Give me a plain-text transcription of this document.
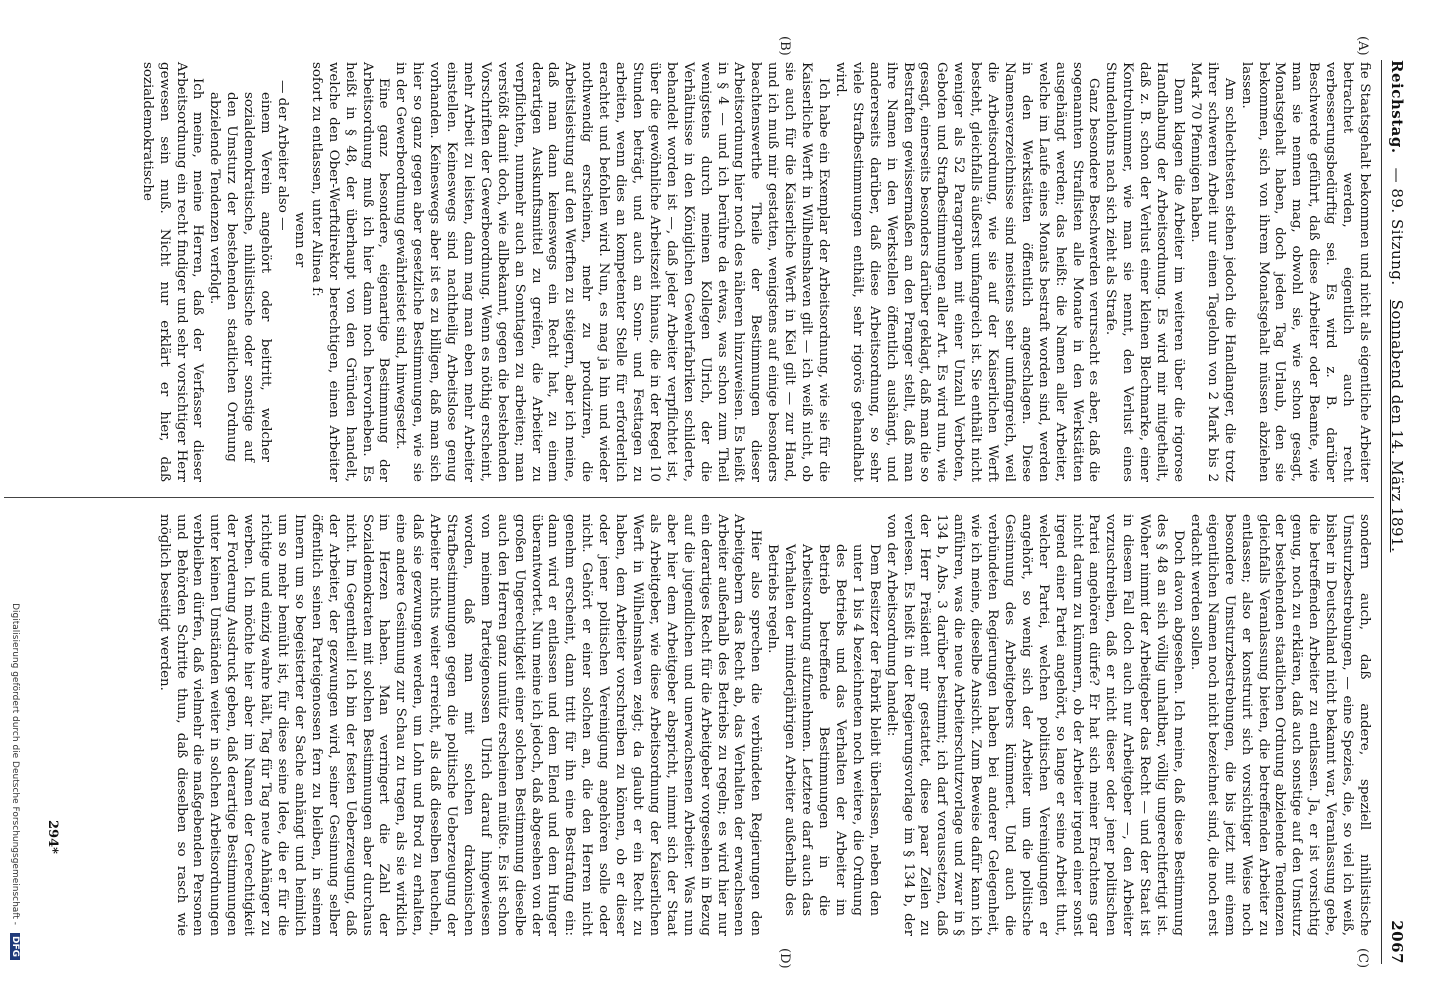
Reichstag.
— 89. Sitzung.
Sonnabend den 14. März 1891.
2067
(A)
(B)
(C)
(D)

fie Staatsgehalt bekommen und nicht als eigentliche Arbeiter betrachtet werden, eigentlich auch recht verbesserungsbedürftig sei. Es wird z. B. darüber Beschwerde geführt, daß diese Arbeiter oder Beamte, wie man sie nennen mag, obwohl sie, wie schon gesagt, Monatsgehalt haben, doch jeden Tag Urlaub, den sie bekommen, sich von ihrem Monatsgehalt müssen abziehen lassen.

Am schlechtesten stehen jedoch die Handlanger, die trotz ihrer schweren Arbeit nur einen Tagelohn von 2 Mark bis 2 Mark 70 Pfennigen haben.

Dann klagen die Arbeiter im weiteren über die rigorose Handhabung der Arbeitsordnung. Es wird mir mitgetheilt, daß z. B. schon der Verlust einer kleinen Blechmarke, einer Kontrolnummer, wie man sie nennt, den Verlust eines Stundenlohns nach sich zieht als Strafe.

Ganz besondere Beschwerden verursacht es aber, daß die sogenannten Straflisten alle Monate in den Werkstätten ausgehängt werden; das heißt: die Namen aller Arbeiter, welche im Laufe eines Monats bestraft worden sind, werden in den Werkstätten öffentlich angeschlagen. Diese Namensverzeichnisse sind meistens sehr umfangreich, weil die Arbeitsordnung, wie sie auf der Kaiserlichen Werft besteht, gleichfalls äußerst umfangreich ist. Sie enthält nicht weniger als 52 Paragraphen mit einer Unzahl Verboten, Geboten und Strafbestimmungen aller Art. Es wird nun, wie gesagt, einerseits besonders darüber geklagt, daß man die so Bestraften gewissermaßen an den Pranger stellt, daß man ihre Namen in den Werkstellen öffentlich aushängt, und andererseits darüber, daß diese Arbeitsordnung, so sehr viele Strafbestimmungen enthält, sehr rigorös gehandhabt wird.

Ich habe ein Exemplar der Arbeitsordnung, wie sie für die Kaiserliche Werft in Wilhelmshaven gilt — ich weiß nicht, ob sie auch für die Kaiserliche Werft in Kiel gilt — zur Hand, und ich muß mir gestatten, wenigstens auf einige besonders beachtenswerthe Theile der Bestimmungen dieser Arbeitsordnung hier noch des näheren hinzuweisen. Es heißt in § 4 — und ich berühre da etwas, was schon zum Theil wenigstens durch meinen Kollegen Ulrich, der die Verhältnisse in den Königlichen Gewehrfabriken schilderte, behandelt worden ist —, daß jeder Arbeiter verpflichtet ist, über die gewöhnliche Arbeitszeit hinaus, die in der Regel 10 Stunden beträgt, und auch an Sonn- und Festtagen zu arbeiten, wenn dies an kompetenter Stelle für erforderlich erachtet und befohlen wird. Nun, es mag ja hin und wieder nothwendig erscheinen, mehr zu produziren, die Arbeitsleistung auf den Werften zu steigern, aber ich meine, daß man dann keineswegs ein Recht hat, zu einem derartigen Auskunftsmittel zu greifen, die Arbeiter zu verpflichten, nunmehr auch an Sonntagen zu arbeiten; man verstößt damit doch, wie allbekannt, gegen die bestehenden Vorschriften der Gewerbeordnung. Wenn es nöthig erscheint, mehr Arbeit zu leisten, dann mag man eben mehr Arbeiter einstellen. Keineswegs sind nachtheilig Arbeitslose genug vorhanden. Keineswegs aber ist es zu billigen, daß man sich hier so ganz gegen aber gesetzliche Bestimmungen, wie sie in der Gewerbeordnung gewährleistet sind, hinwegsetzt.

Eine ganz besondere, eigenartige Bestimmung der Arbeitsordnung muß ich hier dann noch hervorheben. Es heißt in § 48, der überhaupt von den Gründen handelt, welche den Ober-Werftdirektor berechtigen, einen Arbeiter sofort zu entlassen, unter Alinea f:

wenn er

— der Arbeiter also —

einem Verein angehört oder beitritt, welcher sozialdemokratische, nihilistische oder sonstige auf den Umsturz der bestehenden staatlichen Ordnung abzielende Tendenzen verfolgt.

Ich meine, meine Herren, daß der Verfasser dieser Arbeitsordnung ein recht findiger und sehr vorsichtiger Herr gewesen sein muß. Nicht nur erklärt er hier, daß sozialdemokratische

sondern auch, daß andere, speziell nihilistische Umsturzbestrebungen, — eine Spezies, die, so viel ich weiß, bisher in Deutschland nicht bekannt war, Veranlassung gebe, die betreffenden Arbeiter zu entlassen. Ja, er ist vorsichtig genug, noch zu erklären, daß auch sonstige auf den Umsturz der bestehenden staatlichen Ordnung abzielende Tendenzen gleichfalls Veranlassung bieten, die betreffenden Arbeiter zu entlassen; also er konstruirt sich vorsichtiger Weise noch besondere Umsturzbestrebungen, die bis jetzt mit einem eigentlichen Namen noch nicht bezeichnet sind, die noch erst erdacht werden sollen.

Doch davon abgesehen. Ich meine, daß diese Bestimmung des § 48 an sich völlig unhaltbar, völlig ungerechtfertigt ist. Woher nimmt der Arbeitgeber das Recht — und der Staat ist in diesem Fall doch auch nur Arbeitgeber —, den Arbeiter vorzuschreiben, daß er nicht dieser oder jener politischen Partei angehören dürfe? Er hat sich meiner Erachtens gar nicht darum zu kümmern, ob der Arbeiter irgend einer sonst irgend einer Partei angehört, so lange er seine Arbeit thut, welcher Partei, welchen politischen Vereinigungen er angehört, so wenig sich der Arbeiter um die politische Gesinnung des Arbeitgebers kümmert. Und auch die verbündeten Regierungen haben bei anderer Gelegenheit, wie ich meine, dieselbe Ansicht. Zum Beweise dafür kann ich anführen, was die neue Arbeiterschutzvorlage und zwar in § 134 b, Abs. 3 darüber bestimmt; ich darf voraussetzen, daß der Herr Präsident mir gestattet, diese paar Zeilen zu verlesen. Es heißt in der Regierungsvorlage im § 134 b, der von der Arbeitsordnung handelt:

Dem Besitzer der Fabrik bleibt überlassen, neben den unter 1 bis 4 bezeichneten noch weitere, die Ordnung des Betriebs und das Verhalten der Arbeiter im Betrieb betreffende Bestimmungen in die Arbeitsordnung aufzunehmen. Letztere darf auch das Verhalten der minderjährigen Arbeiter außerhalb des Betriebs regeln.

Hier also sprechen die verbündeten Regierungen den Arbeitgebern das Recht ab, das Verhalten der erwachsenen Arbeiter außerhalb des Betriebs zu regeln; es wird hier nur ein derartiges Recht für die Arbeitgeber vorgesehen in Bezug auf die jugendlichen und unerwachsenen Arbeiter. Was nun aber hier dem Arbeitgeber abspricht, nimmt sich der Staat als Arbeitgeber, wie diese Arbeitsordnung der Kaiserlichen Werft in Wilhelmshaven zeigt; da glaubt er ein Recht zu haben, dem Arbeiter vorschreiben zu können, ob er dieser oder jener politischen Vereinigung angehören solle oder nicht. Gehört er einer solchen an, die den Herren nicht genehm erscheint, dann tritt für ihn eine Bestrafung ein: dann wird er entlassen und dem Elend und dem Hunger überantwortet. Nun meine ich jedoch, daß abgesehen von der großen Ungerechtigkeit einer solchen Bestimmung dieselbe auch den Herren ganz unnütz erscheinen müßte. Es ist schon von meinem Parteigenossen Ulrich darauf hingewiesen worden, daß man mit solchen drakonischen Strafbestimmungen gegen die politische Ueberzeugung der Arbeiter nichts weiter erreicht, als daß dieselben heucheln, daß sie gezwungen werden, um Lohn und Brod zu erhalten, eine andere Gesinnung zur Schau zu tragen, als sie wirklich im Herzen haben. Man verringert die Zahl der Sozialdemokraten mit solchen Bestimmungen aber durchaus nicht. Im Gegentheil! Ich bin der festen Ueberzeugung, daß der Arbeiter, der gezwungen wird, seiner Gesinnung selber öffentlich seinen Parteigenossen fern zu bleiben, in seinem Innern um so begeisterter der Sache anhängt und heimlich um so mehr bemüht ist, für diese seine Idee, die er für die richtige und einzig wahre hält, Tag für Tag neue Anhänger zu werben. Ich möchte hier aber im Namen der Gerechtigkeit der Forderung Ausdruck geben, daß derartige Bestimmungen unter keinen Umständen weiter in solchen Arbeitsordnungen verbleiben dürfen, daß vielmehr die maßgebenden Personen und Behörden Schritte thun, daß dieselben so rasch wie möglich beseitigt werden.

294*
Digitalisierung gefördert durch die Deutsche Forschungsgemeinschaft -
DFG
